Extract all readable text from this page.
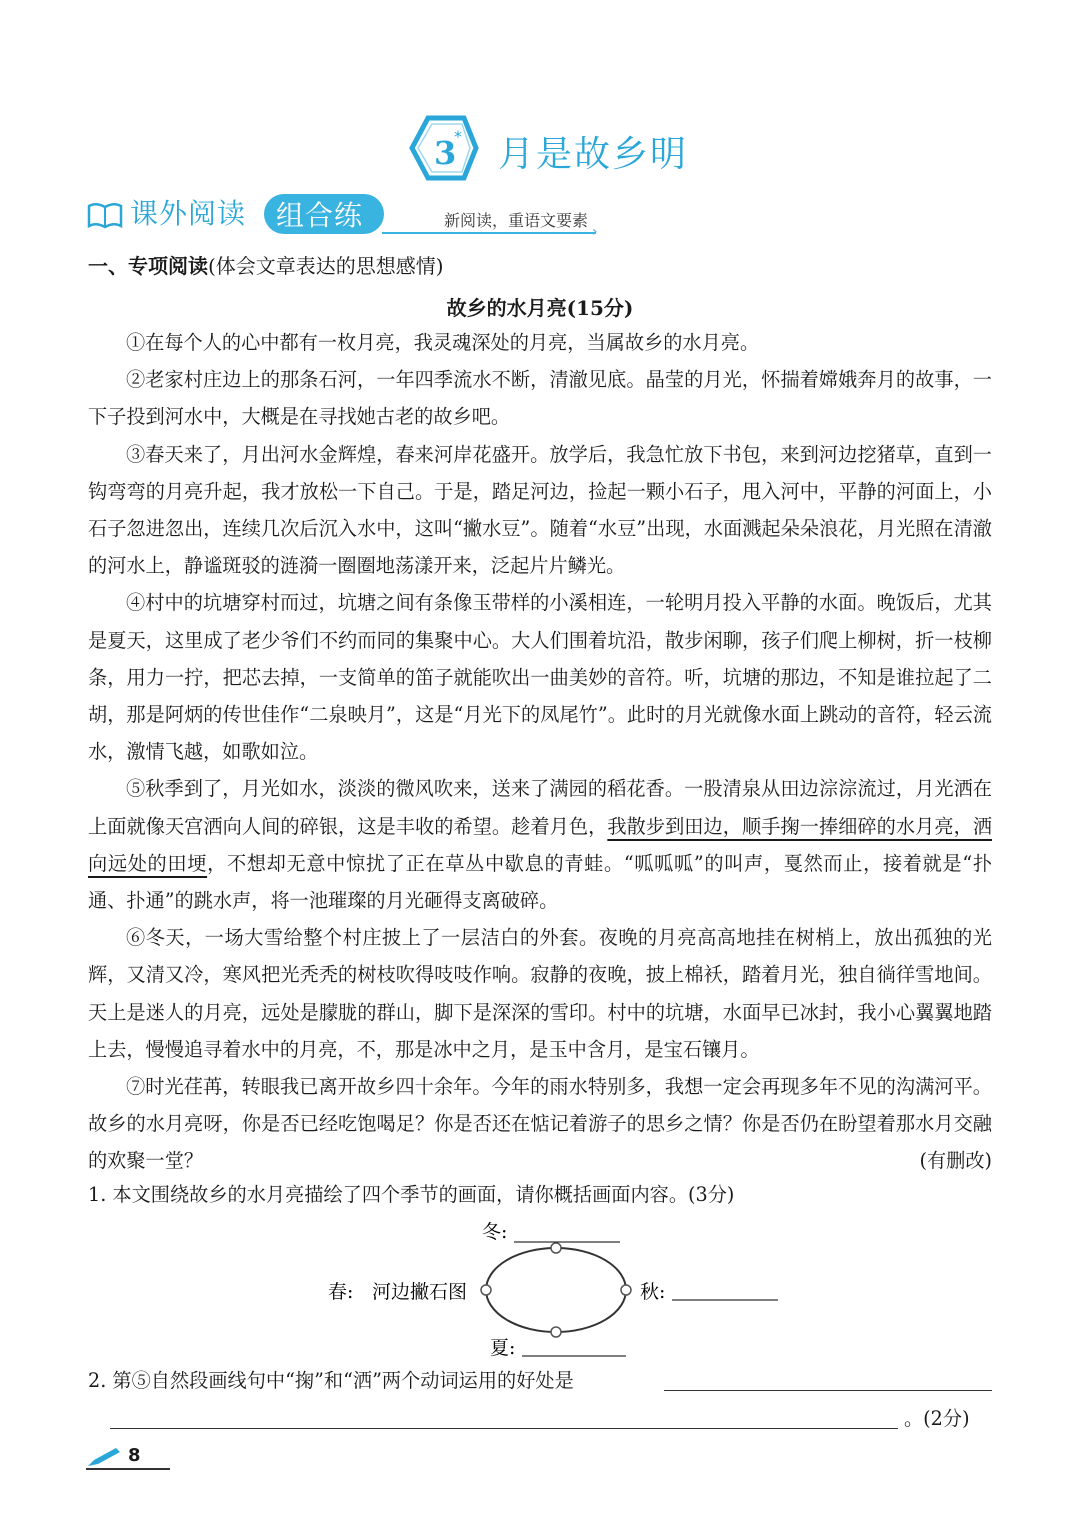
3
* 月是故乡明
课外阅读 组合练	新阅读，重语文要素
›
一、专项阅读(体会文章表达的思想感情)
故乡的水月亮(15分)

①在每个人的心中都有一枚月亮，我灵魂深处的月亮，当属故乡的水月亮。

②老家村庄边上的那条石河，一年四季流水不断，清澈见底。晶莹的月光，怀揣着嫦娥奔月的故事，一下子投到河水中，大概是在寻找她古老的故乡吧。

③春天来了，月出河水金辉煌，春来河岸花盛开。放学后，我急忙放下书包，来到河边挖猪草，直到一钩弯弯的月亮升起，我才放松一下自己。于是，踏足河边，捡起一颗小石子，甩入河中，平静的河面上，小石子忽进忽出，连续几次后沉入水中，这叫“撇水豆”。随着“水豆”出现，水面溅起朵朵浪花，月光照在清澈的河水上，静谧斑驳的涟漪一圈圈地荡漾开来，泛起片片鳞光。

④村中的坑塘穿村而过，坑塘之间有条像玉带样的小溪相连，一轮明月投入平静的水面。晚饭后，尤其是夏天，这里成了老少爷们不约而同的集聚中心。大人们围着坑沿，散步闲聊，孩子们爬上柳树，折一枝柳条，用力一拧，把芯去掉，一支简单的笛子就能吹出一曲美妙的音符。听，坑塘的那边，不知是谁拉起了二胡，那是阿炳的传世佳作“二泉映月”，这是“月光下的凤尾竹”。此时的月光就像水面上跳动的音符，轻云流水，激情飞越，如歌如泣。

⑤秋季到了，月光如水，淡淡的微风吹来，送来了满园的稻花香。一股清泉从田边淙淙流过，月光洒在上面就像天宫洒向人间的碎银，这是丰收的希望。趁着月色，我散步到田边，顺手掬一捧细碎的水月亮，洒向远处的田埂，不想却无意中惊扰了正在草丛中歇息的青蛙。“呱呱呱”的叫声，戛然而止，接着就是“扑通、扑通”的跳水声，将一池璀璨的月光砸得支离破碎。

⑥冬天，一场大雪给整个村庄披上了一层洁白的外套。夜晚的月亮高高地挂在树梢上，放出孤独的光辉，又清又冷，寒风把光秃秃的树枝吹得吱吱作响。寂静的夜晚，披上棉袄，踏着月光，独自徜徉雪地间。天上是迷人的月亮，远处是朦胧的群山，脚下是深深的雪印。村中的坑塘，水面早已冰封，我小心翼翼地踏上去，慢慢追寻着水中的月亮，不，那是冰中之月，是玉中含月，是宝石镶月。

⑦时光荏苒，转眼我已离开故乡四十余年。今年的雨水特别多，我想一定会再现多年不见的沟满河平。故乡的水月亮呀，你是否已经吃饱喝足？你是否还在惦记着游子的思乡之情？你是否仍在盼望着那水月交融的欢聚一堂？	(有删改)

1. 本文围绕故乡的水月亮描绘了四个季节的画面，请你概括画面内容。(3分)
冬:
春: 河边撇石图	秋:
夏:
2. 第⑤自然段画线句中“掬”和“洒”两个动词运用的好处是
。(2分)
8
